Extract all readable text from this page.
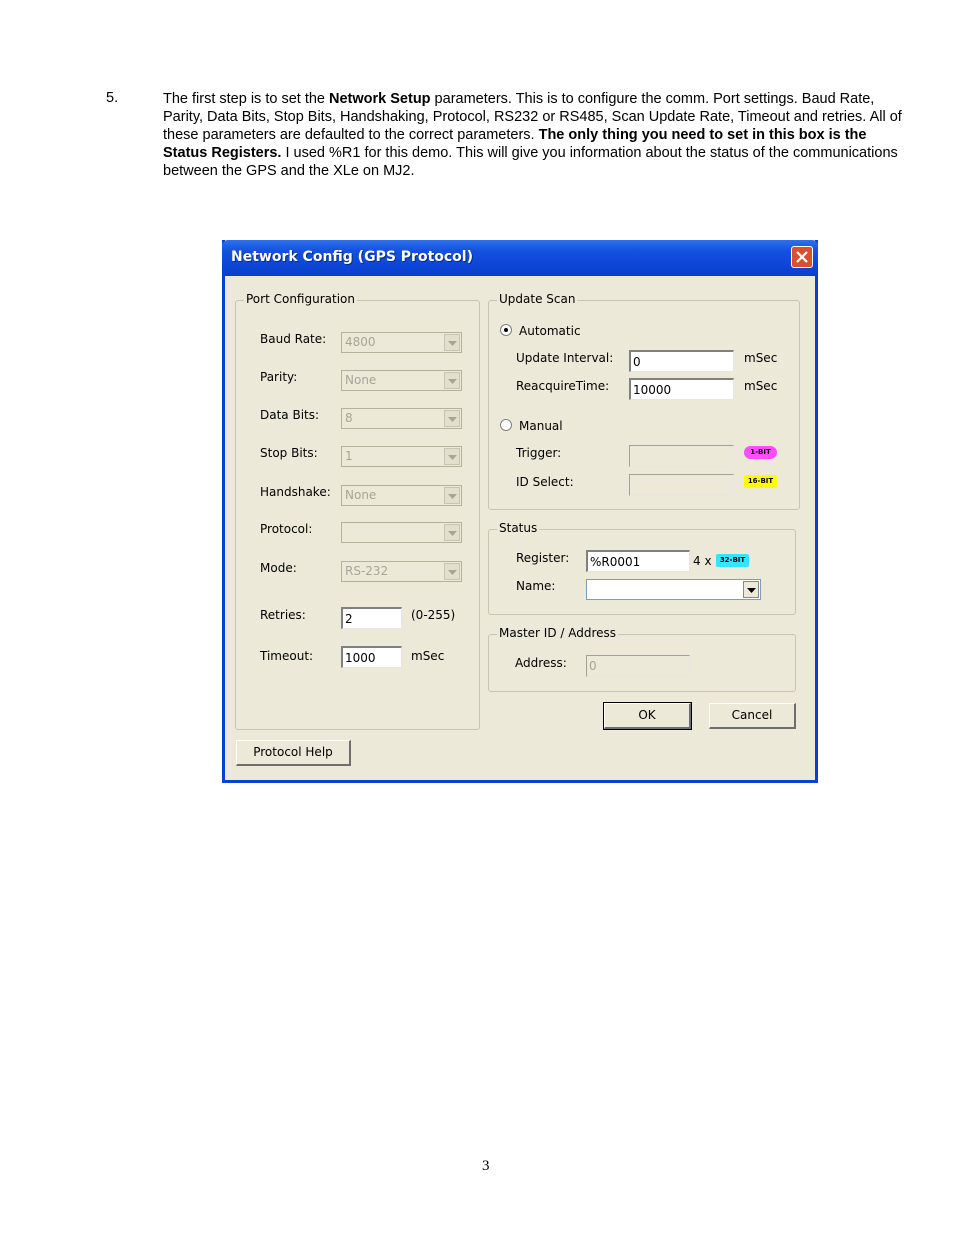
5.	The first step is to set the Network Setup parameters. This is to configure the comm. Port settings. Baud Rate, Parity, Data Bits, Stop Bits, Handshaking, Protocol, RS232 or RS485, Scan Update Rate, Timeout and retries. All of these parameters are defaulted to the correct parameters. The only thing you need to set in this box is the Status Registers. I used %R1 for this demo. This will give you information about the status of the communications between the GPS and the XLe on MJ2.
Network Config (GPS Protocol)
Port Configuration
Baud Rate: 4800
Parity:	None
Data Bits: 8
Stop Bits: 1
Handshake: None
Protocol:
Mode:	RS-232
Retries:	2	(0-255)
Timeout:	1000	mSec
Update Scan
Automatic
Update Interval:	0	mSec
ReacquireTime:	10000	mSec
Manual
Trigger:	1-BIT
ID Select:	16-BIT
Status
Register:	%R0001	4 x	32-BIT
Name:
Master ID / Address
Address: 0
OK	Cancel
Protocol Help
3
